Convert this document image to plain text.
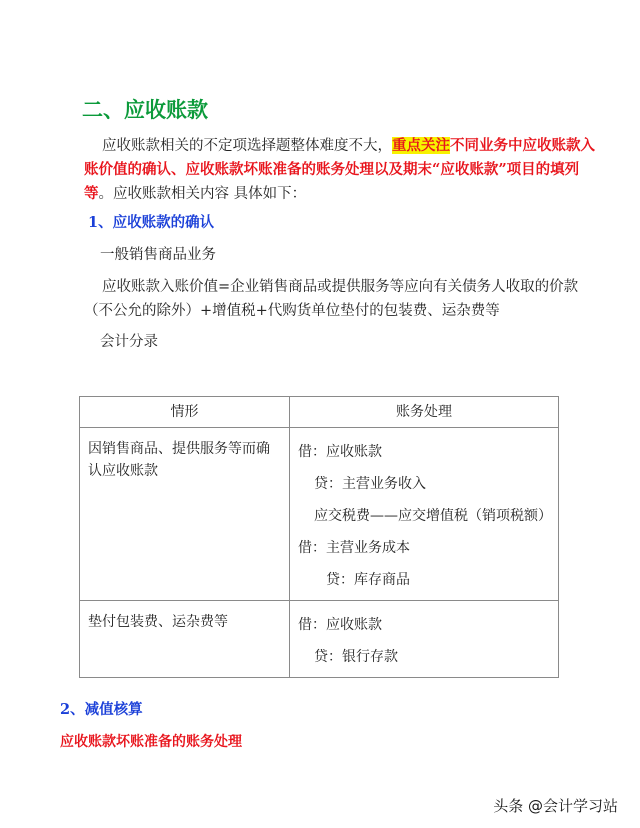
二、应收账款
应收账款相关的不定项选择题整体难度不大，重点关注不同业务中应收账款入账价值的确认、应收账款坏账准备的账务处理以及期末“应收账款”项目的填列等。应收账款相关内容 具体如下：
1、应收账款的确认
一般销售商品业务
应收账款入账价值=企业销售商品或提供服务等应向有关债务人收取的价款（不公允的除外）+增值税+代购货单位垫付的包装费、运杂费等
会计分录
情形	账务处理
因销售商品、提供服务等而确认应收账款	借：应收账款
贷：主营业务收入
应交税费——应交增值税（销项税额）
借：主营业务成本
贷：库存商品

垫付包装费、运杂费等	借：应收账款
贷：银行存款
2、减值核算
应收账款坏账准备的账务处理
头条 @会计学习站
